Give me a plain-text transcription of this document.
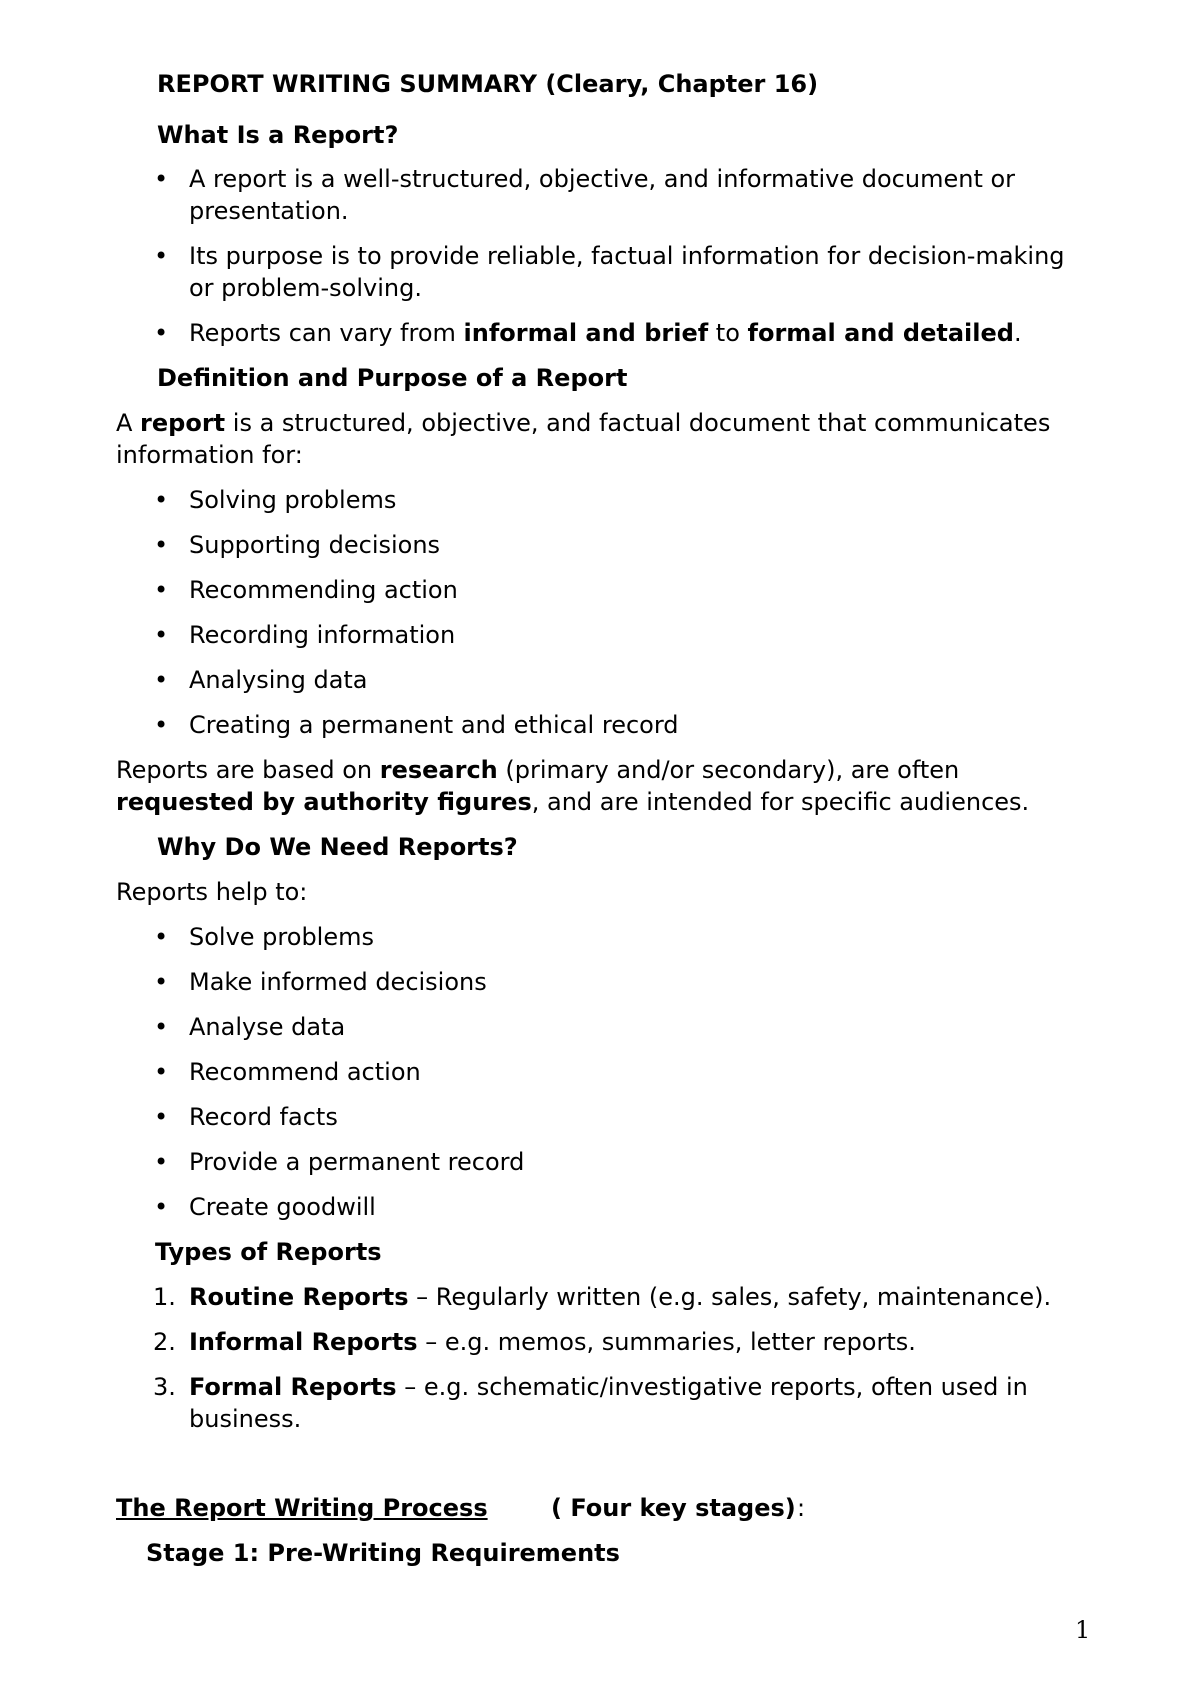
REPORT WRITING SUMMARY (Cleary, Chapter 16)
What Is a Report?
• A report is a well-structured, objective, and informative document or
presentation.
• Its purpose is to provide reliable, factual information for decision-making
or problem-solving.
• Reports can vary from informal and brief to formal and detailed.
Definition and Purpose of a Report
A report is a structured, objective, and factual document that communicates
information for:
• Solving problems
• Supporting decisions
• Recommending action
• Recording information
• Analysing data
• Creating a permanent and ethical record
Reports are based on research (primary and/or secondary), are often
requested by authority figures, and are intended for specific audiences.
Why Do We Need Reports?
Reports help to:
• Solve problems
• Make informed decisions
• Analyse data
• Recommend action
• Record facts
• Provide a permanent record
• Create goodwill
Types of Reports
1. Routine Reports – Regularly written (e.g. sales, safety, maintenance).
2. Informal Reports – e.g. memos, summaries, letter reports.
3. Formal Reports – e.g. schematic/investigative reports, often used in
business.
The Report Writing Process	( Four key stages) :
Stage 1: Pre-Writing Requirements
1
